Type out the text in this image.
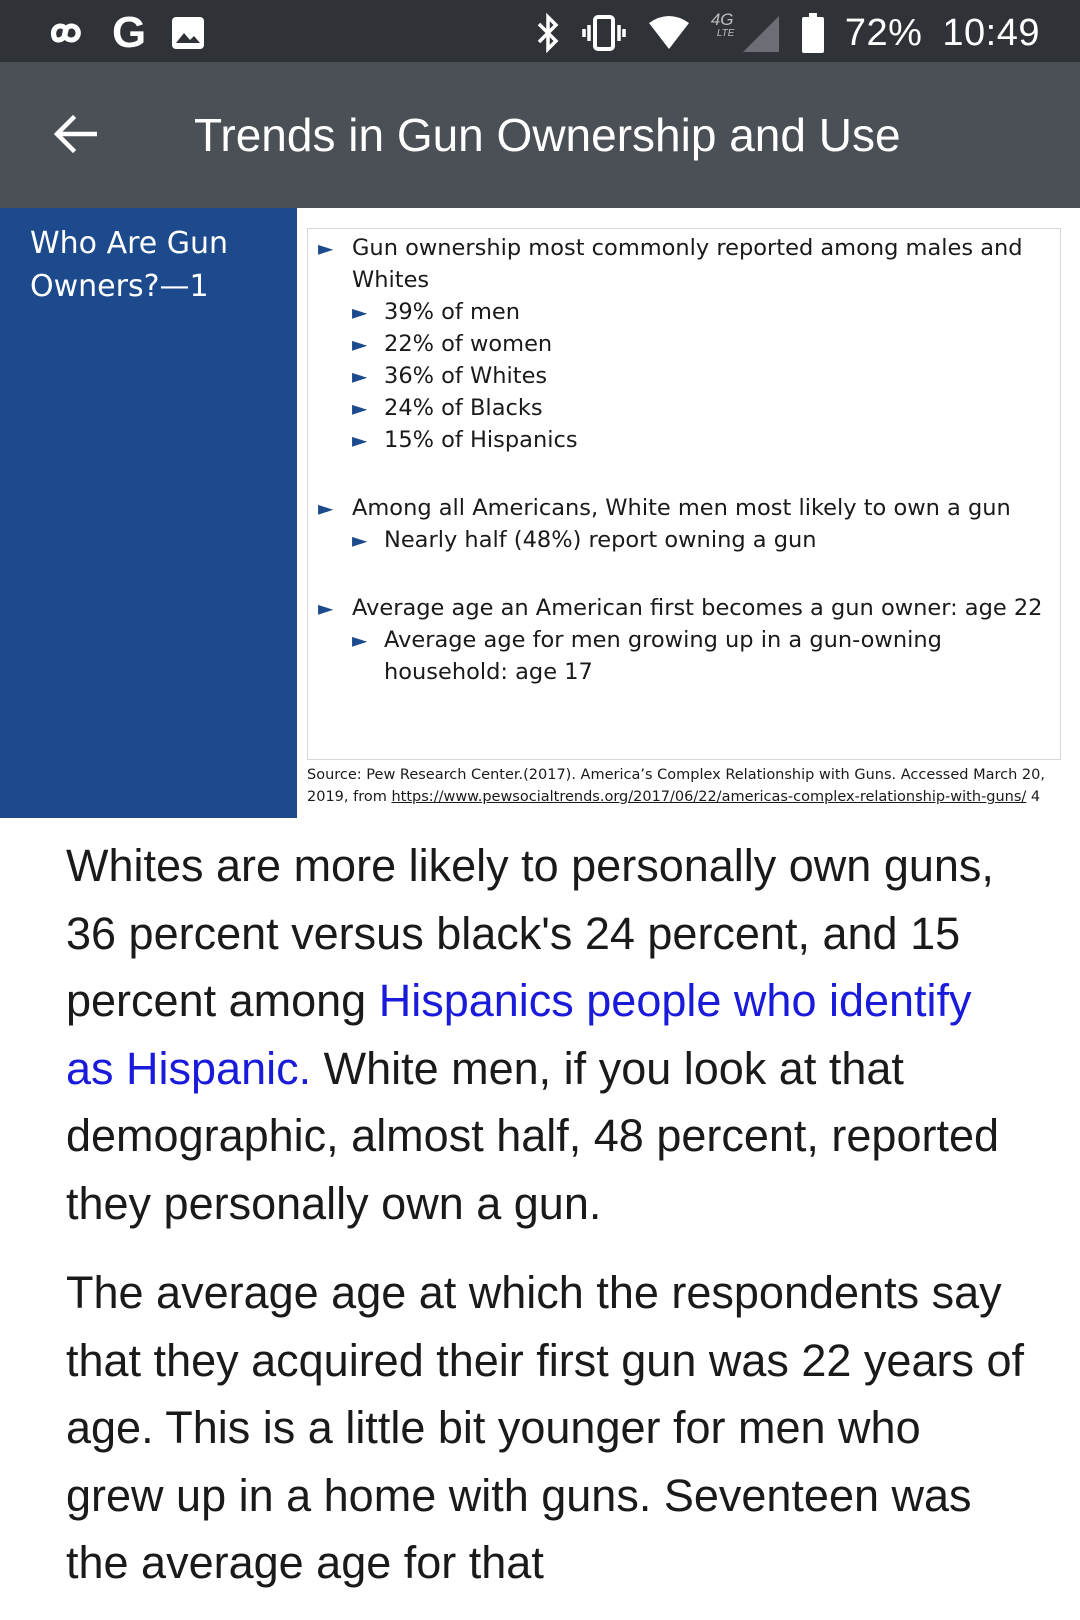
G	4G
LTE	72% 10:49
Trends in Gun Ownership and Use
Who Are Gun Owners?—1
► Gun ownership most commonly reported among males and Whites
► 39% of men
► 22% of women
► 36% of Whites
► 24% of Blacks
► 15% of Hispanics
► Among all Americans, White men most likely to own a gun
► Nearly half (48%) report owning a gun
► Average age an American first becomes a gun owner: age 22
► Average age for men growing up in a gun-owning household: age 17
Source: Pew Research Center.(2017). America’s Complex Relationship with Guns. Accessed March 20, 2019, from https://www.pewsocialtrends.org/2017/06/22/americas-complex-relationship-with-guns/ 4

Whites are more likely to personally own guns, 36 percent versus black's 24 percent, and 15 percent among Hispanics people who identify as Hispanic. White men, if you look at that demographic, almost half, 48 percent, reported they personally own a gun.

The average age at which the respondents say that they acquired their first gun was 22 years of age. This is a little bit younger for men who grew up in a home with guns. Seventeen was the average age for that
